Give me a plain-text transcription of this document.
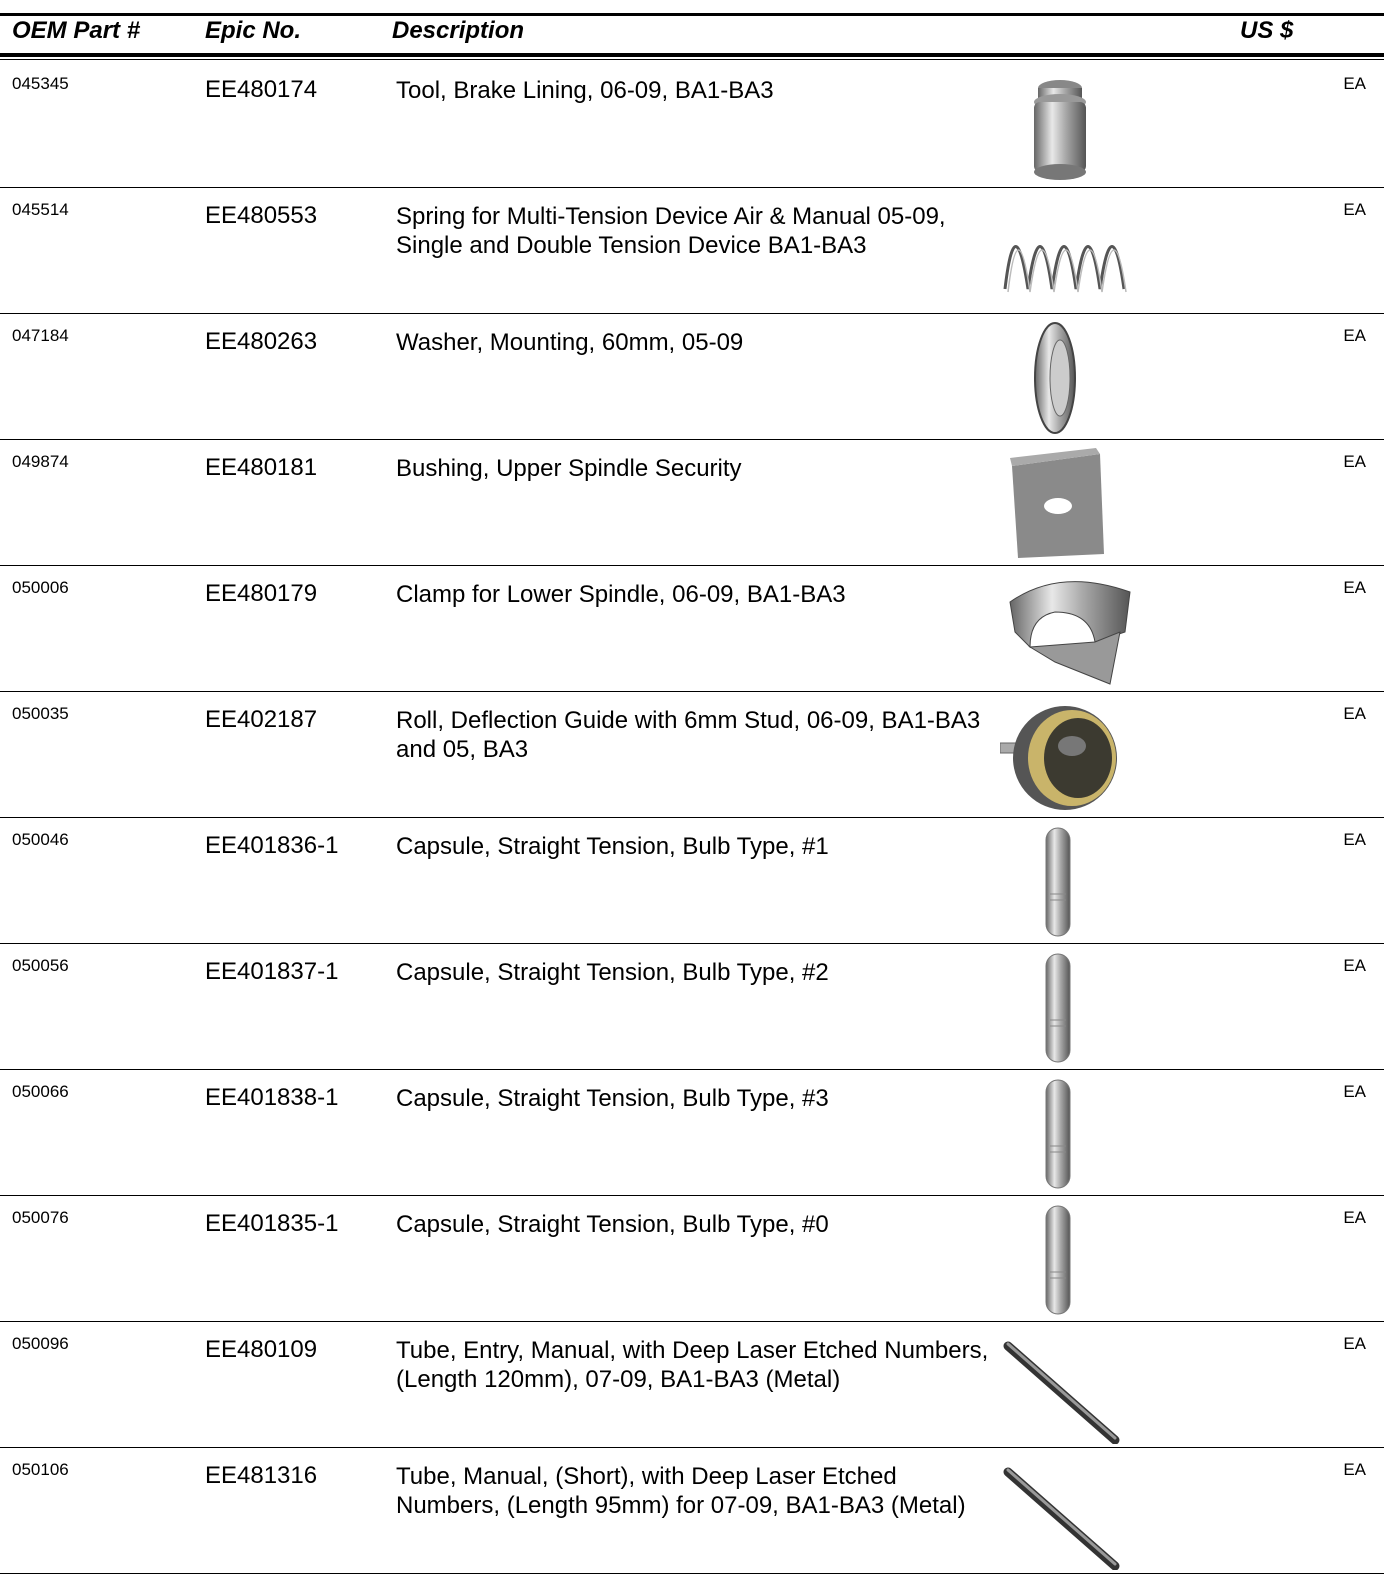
OEM Part #	Epic No.	Description	US $
045345	EE480174	Tool, Brake Lining, 06-09, BA1-BA3	EA
045514	EE480553	Spring for Multi-Tension Device Air & Manual 05-09, Single and Double Tension Device BA1-BA3
EA
047184	EE480263	Washer, Mounting, 60mm, 05-09	EA
049874	EE480181	Bushing, Upper Spindle Security	EA
050006	EE480179	Clamp for Lower Spindle, 06-09, BA1-BA3	EA
050035	EE402187	Roll, Deflection Guide with 6mm Stud, 06-09, BA1-BA3 and 05, BA3
EA
050046	EE401836-1 Capsule, Straight Tension, Bulb Type, #1	EA
050056	EE401837-1 Capsule, Straight Tension, Bulb Type, #2	EA
050066	EE401838-1 Capsule, Straight Tension, Bulb Type, #3	EA
050076	EE401835-1 Capsule, Straight Tension, Bulb Type, #0	EA
050096	EE480109	Tube, Entry, Manual, with Deep Laser Etched Numbers, (Length 120mm), 07-09, BA1-BA3 (Metal)
EA
050106	EE481316	Tube, Manual, (Short), with Deep Laser Etched Numbers, (Length 95mm) for 07-09, BA1-BA3 (Metal)
EA
